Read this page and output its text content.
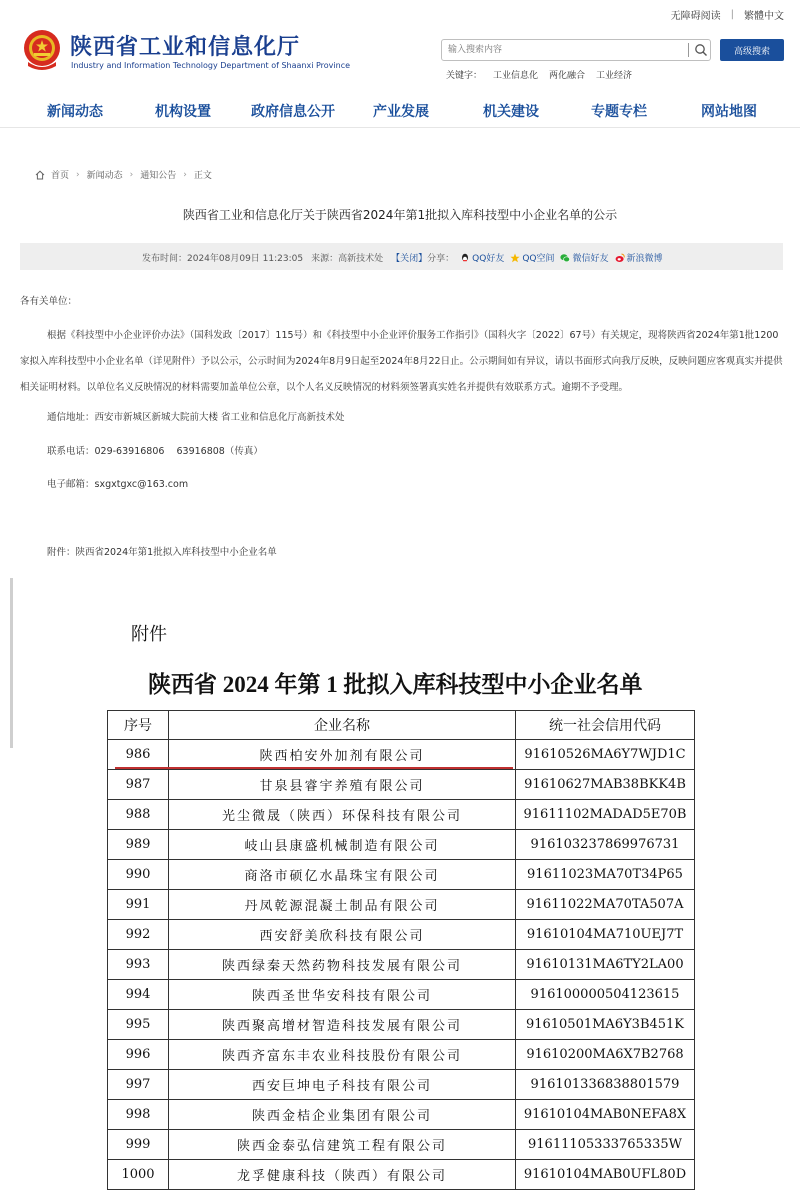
无障碍阅读 | 繁體中文
陕西省工业和信息化厅
Industry and Information Technology Department of Shaanxi Province
输入搜索内容
高级搜索
关键字： 工业信息化 两化融合 工业经济
新闻动态	机构设置	政府信息公开	产业发展	机关建设	专题专栏	网站地图
首页 › 新闻动态 › 通知公告 › 正文
陕西省工业和信息化厅关于陕西省2024年第1批拟入库科技型中小企业名单的公示
发布时间：2024年08月09日 11:23:05 来源：高新技术处 【关闭】 分享： QQ好友 QQ空间 微信好友 新浪微博
各有关单位：
根据《科技型中小企业评价办法》（国科发政〔2017〕115号）和《科技型中小企业评价服务工作指引》（国科火字〔2022〕67号）有关规定，现将陕西省2024年第1批1200家拟入库科技型中小企业名单（详见附件）予以公示，公示时间为2024年8月9日起至2024年8月22日止。公示期间如有异议，请以书面形式向我厅反映，反映问题应客观真实并提供相关证明材料。以单位名义反映情况的材料需要加盖单位公章，以个人名义反映情况的材料须签署真实姓名并提供有效联系方式。逾期不予受理。
通信地址：西安市新城区新城大院前大楼 省工业和信息化厅高新技术处
联系电话：029-63916806    63916808（传真）
电子邮箱：sxgxtgxc@163.com
附件：陕西省2024年第1批拟入库科技型中小企业名单
附件
陕西省 2024 年第 1 批拟入库科技型中小企业名单
序号	企业名称	统一社会信用代码
986	陕西柏安外加剂有限公司	91610526MA6Y7WJD1C
987	甘泉县睿宇养殖有限公司	91610627MAB38BKK4B
988	光尘微晟（陕西）环保科技有限公司	91611102MADAD5E70B
989	岐山县康盛机械制造有限公司	916103237869976731
990	商洛市硕亿水晶珠宝有限公司	91611023MA70T34P65
991	丹凤乾源混凝土制品有限公司	91611022MA70TA507A
992	西安舒美欣科技有限公司	91610104MA710UEJ7T
993	陕西绿秦天然药物科技发展有限公司	91610131MA6TY2LA00
994	陕西圣世华安科技有限公司	916100000504123615
995	陕西聚高增材智造科技发展有限公司	91610501MA6Y3B451K
996	陕西齐富东丰农业科技股份有限公司	91610200MA6X7B2768
997	西安巨坤电子科技有限公司	916101336838801579
998	陕西金桔企业集团有限公司	91610104MAB0NEFA8X
999	陕西金泰弘信建筑工程有限公司	91611105333765335W
1000	龙孚健康科技（陕西）有限公司	91610104MAB0UFL80D
